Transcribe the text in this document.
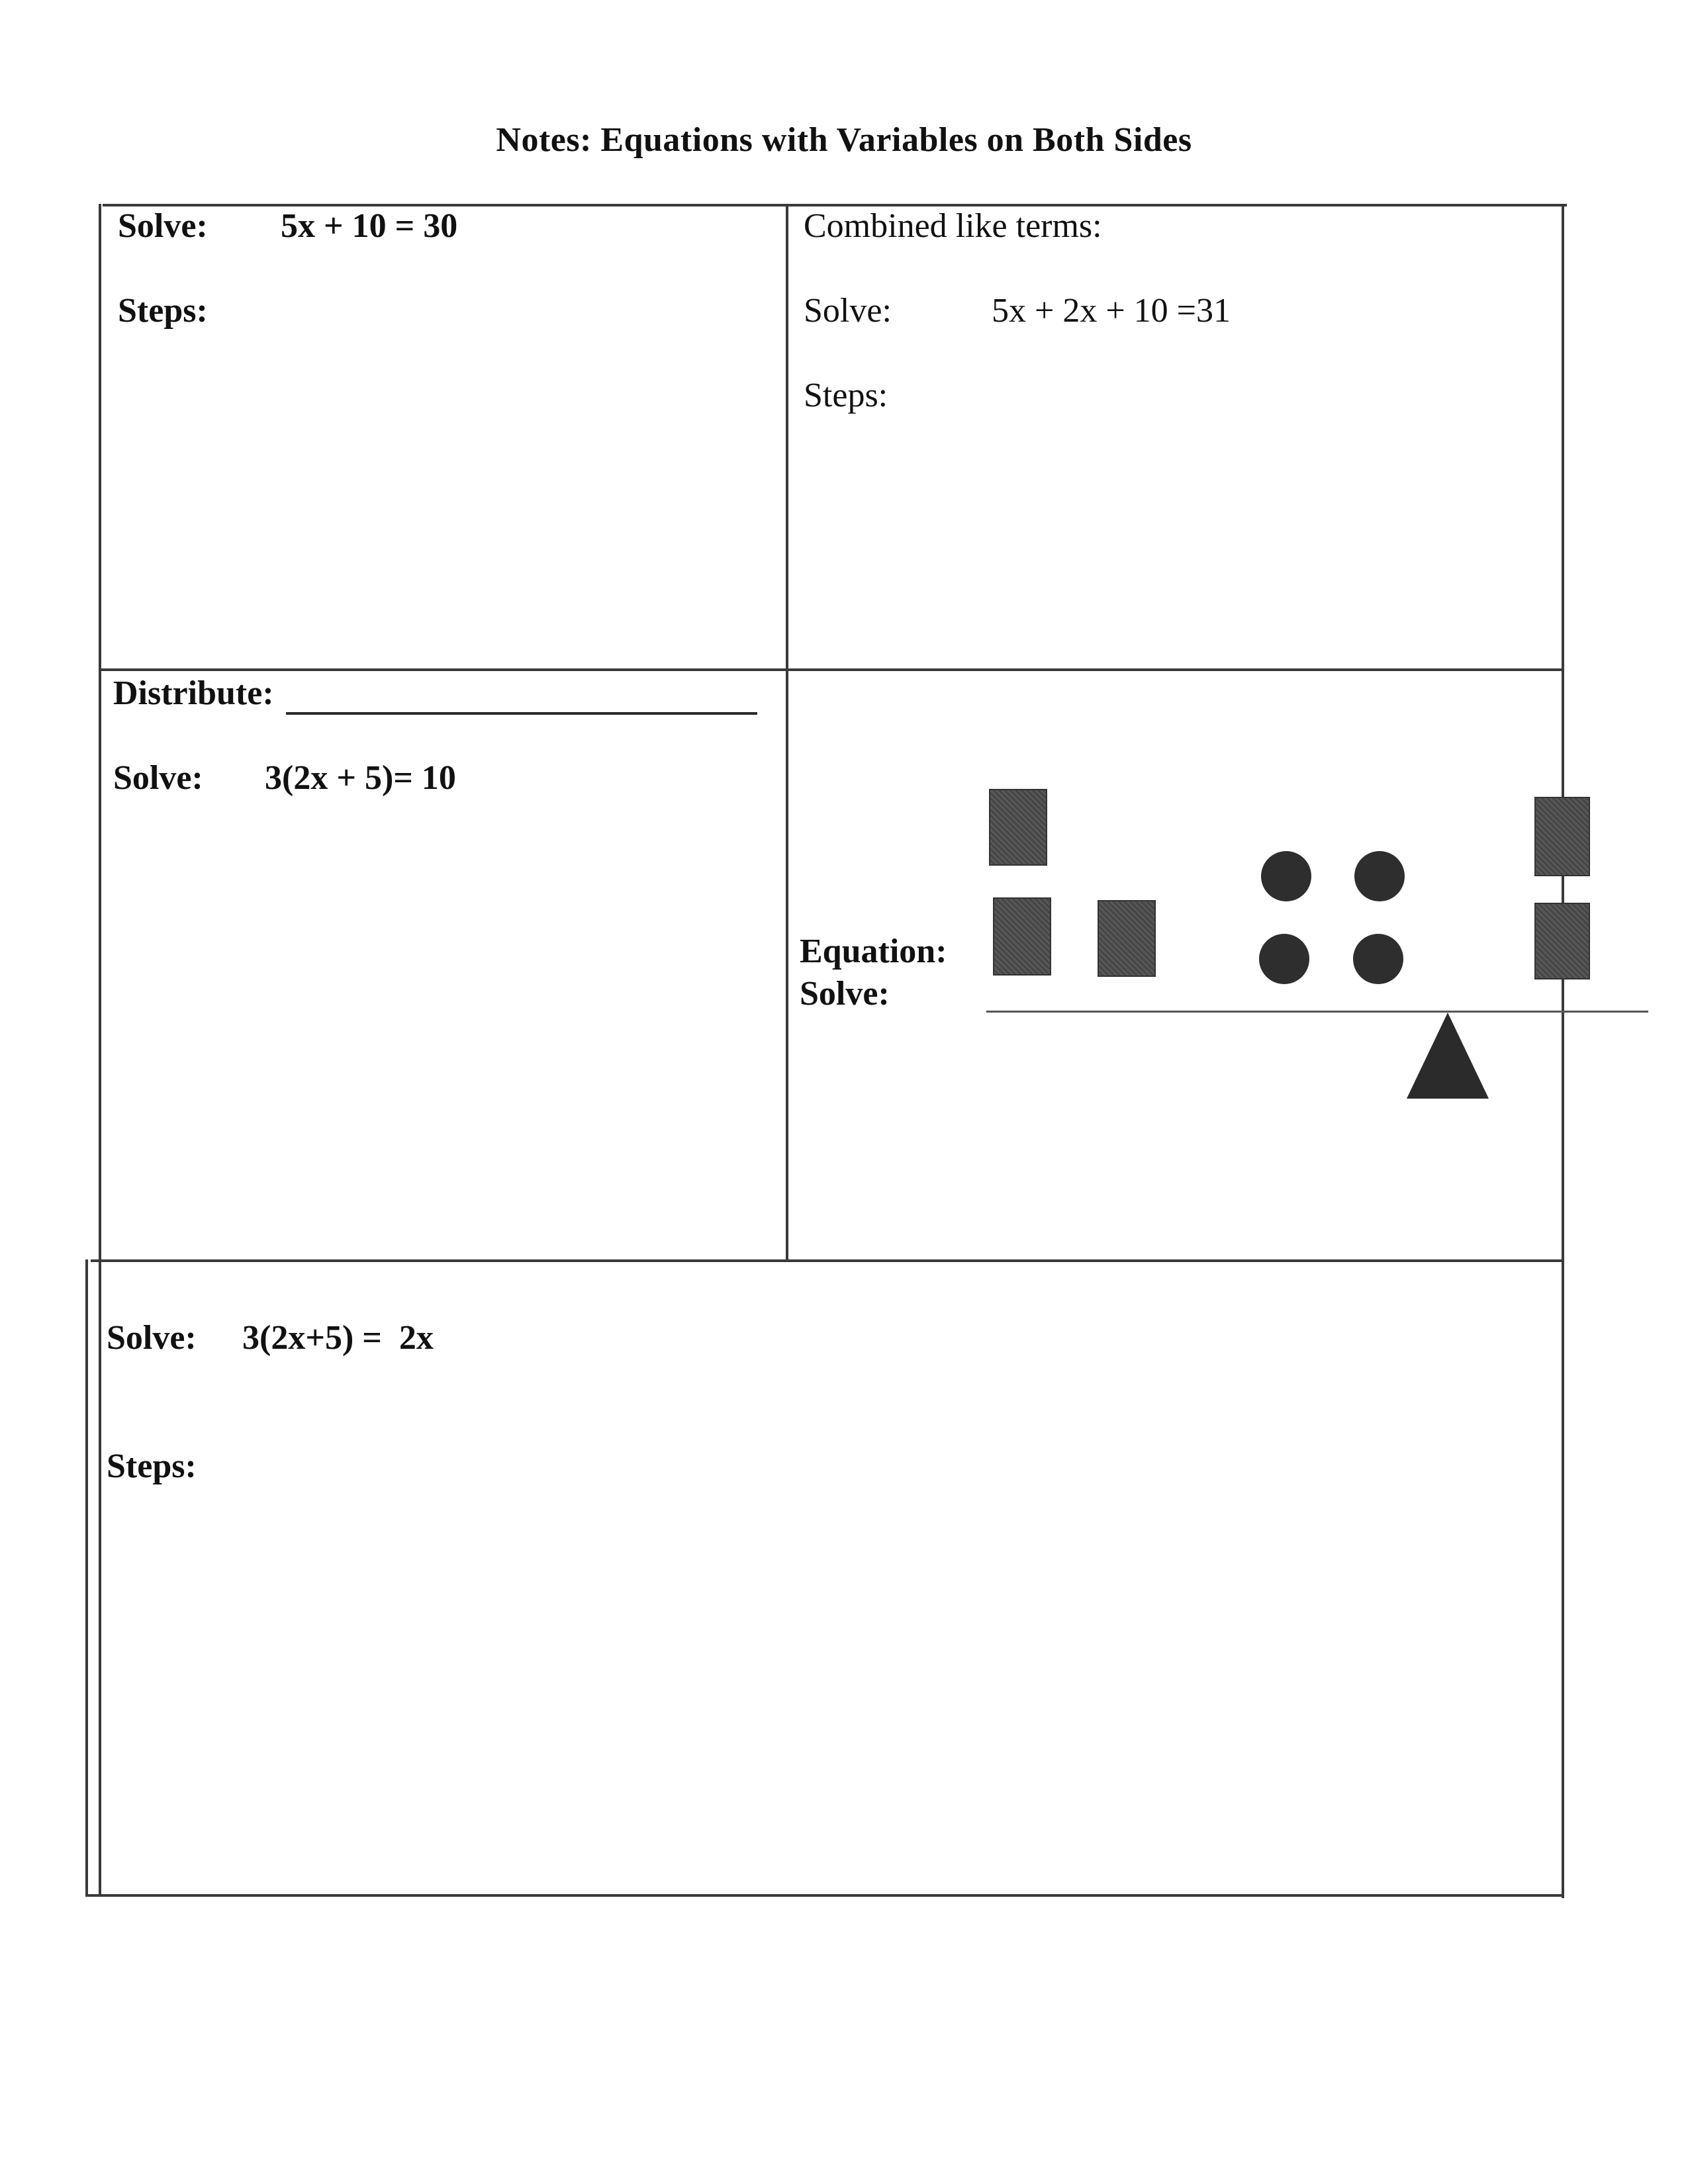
Notes: Equations with Variables on Both Sides
Solve: 5x + 10 = 30
Steps:
Combined like terms:
Solve:	5x + 2x + 10 =31
Steps:
Distribute:
Solve: 3(2x + 5)= 10
Equation:
Solve:
Solve: 3(2x+5) =  2x
Steps:
